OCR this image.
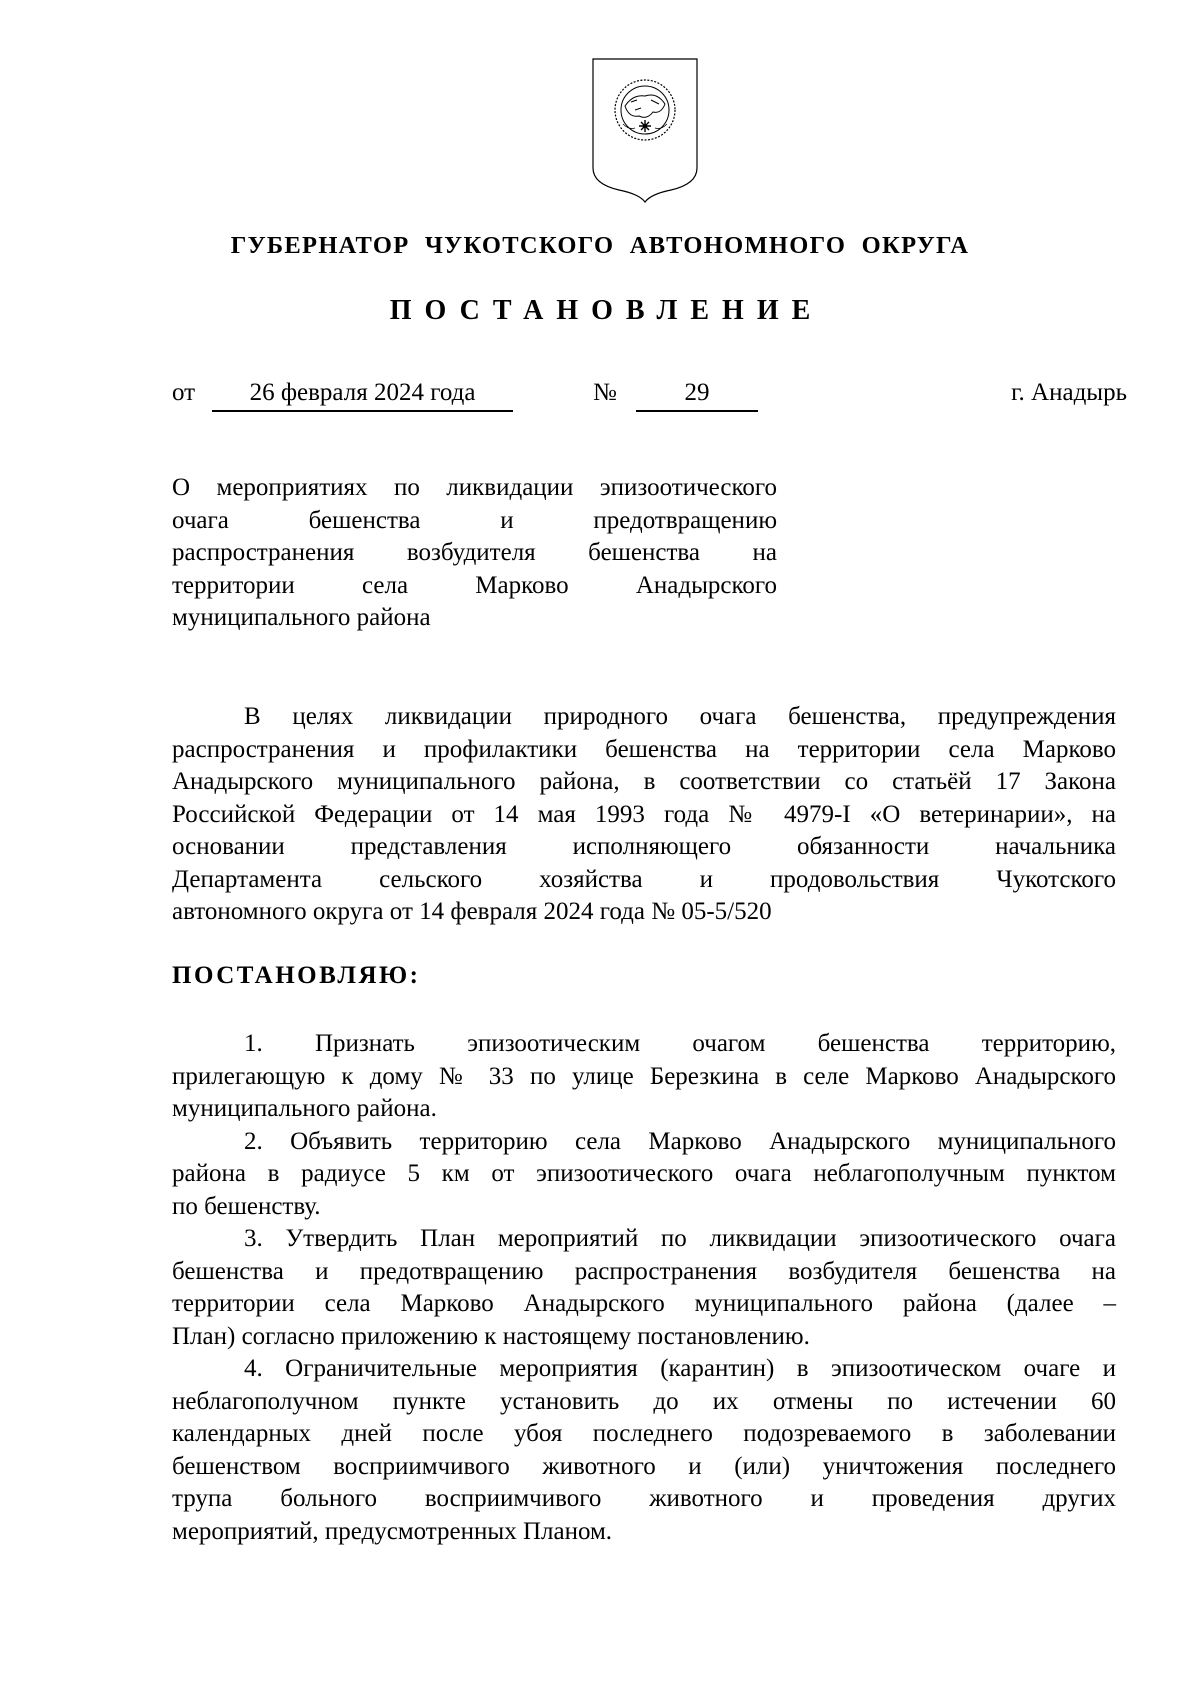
ГУБЕРНАТОР ЧУКОТСКОГО АВТОНОМНОГО ОКРУГА
ПОСТАНОВЛЕНИЕ
от	26 февраля 2024 года	№	29	г. Анадырь
О мероприятиях по ликвидации эпизоотического
очага бешенства и предотвращению
распространения возбудителя бешенства на
территории села Марково Анадырского
муниципального района
В целях ликвидации природного очага бешенства, предупреждения
распространения и профилактики бешенства на территории села Марково
Анадырского муниципального района, в соответствии со статьёй 17 Закона
Российской Федерации от 14 мая 1993 года № 4979-I «О ветеринарии», на
основании представления исполняющего обязанности начальника
Департамента сельского хозяйства и продовольствия Чукотского
автономного округа от 14 февраля 2024 года № 05-5/520
ПОСТАНОВЛЯЮ:
1. Признать эпизоотическим очагом бешенства территорию,
прилегающую к дому № 33 по улице Березкина в селе Марково Анадырского
муниципального района.
2. Объявить территорию села Марково Анадырского муниципального
района в радиусе 5 км от эпизоотического очага неблагополучным пунктом
по бешенству.
3. Утвердить План мероприятий по ликвидации эпизоотического очага
бешенства и предотвращению распространения возбудителя бешенства на
территории села Марково Анадырского муниципального района (далее –
План) согласно приложению к настоящему постановлению.
4. Ограничительные мероприятия (карантин) в эпизоотическом очаге и
неблагополучном пункте установить до их отмены по истечении 60
календарных дней после убоя последнего подозреваемого в заболевании
бешенством восприимчивого животного и (или) уничтожения последнего
трупа больного восприимчивого животного и проведения других
мероприятий, предусмотренных Планом.
